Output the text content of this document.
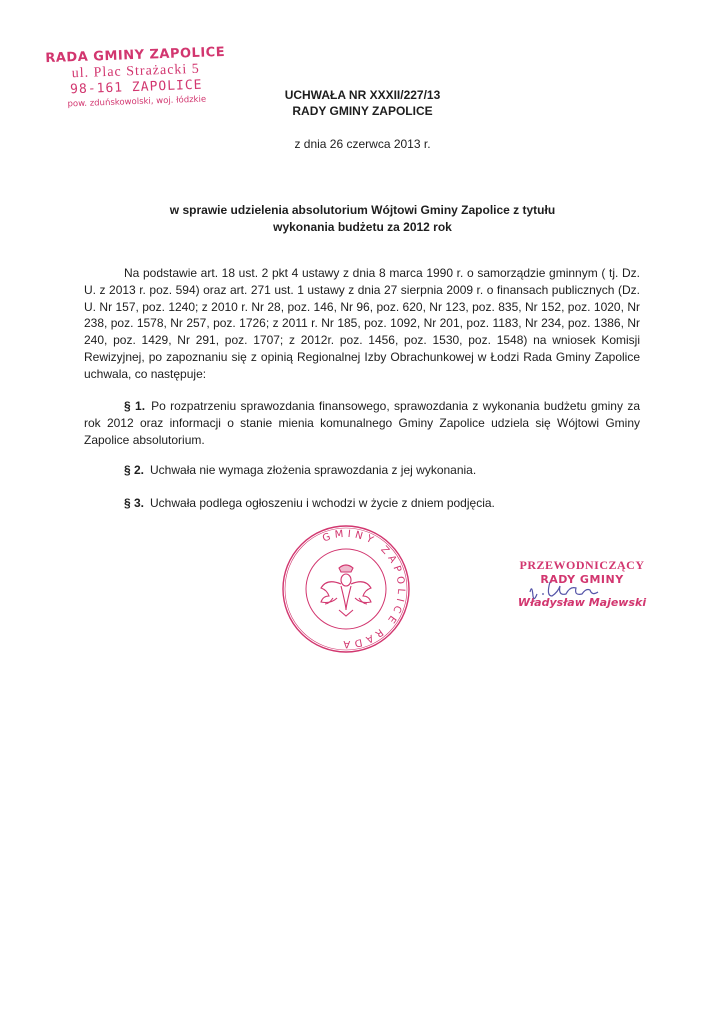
RADA GMINY ZAPOLICE
ul. Plac Strażacki 5
98-161 ZAPOLICE
pow. zduńskowolski, woj. łódzkie	UCHWAŁA NR XXXII/227/13
RADY GMINY ZAPOLICE
z dnia 26 czerwca 2013 r.
w sprawie udzielenia absolutorium Wójtowi Gminy Zapolice z tytułu
wykonania budżetu za 2012 rok
Na podstawie art. 18 ust. 2 pkt 4 ustawy z dnia 8 marca 1990 r. o samorządzie gminnym ( tj. Dz. U. z 2013 r. poz. 594) oraz art. 271 ust. 1 ustawy z dnia 27 sierpnia 2009 r. o finansach publicznych (Dz. U. Nr 157, poz. 1240; z 2010 r. Nr 28, poz. 146, Nr 96, poz. 620, Nr 123, poz. 835, Nr 152, poz. 1020, Nr 238, poz. 1578, Nr 257, poz. 1726; z 2011 r. Nr 185, poz. 1092, Nr 201, poz. 1183, Nr 234, poz. 1386, Nr 240, poz. 1429, Nr 291, poz. 1707; z 2012r. poz. 1456, poz. 1530, poz. 1548) na wniosek Komisji Rewizyjnej, po zapoznaniu się z opinią Regionalnej Izby Obrachunkowej w Łodzi Rada Gminy Zapolice uchwala, co następuje:
§ 1. Po rozpatrzeniu sprawozdania finansowego, sprawozdania z wykonania budżetu gminy za rok 2012 oraz informacji o stanie mienia komunalnego Gminy Zapolice udziela się Wójtowi Gminy Zapolice absolutorium.
§ 2. Uchwała nie wymaga złożenia sprawozdania z jej wykonania.
§ 3. Uchwała podlega ogłoszeniu i wchodzi w życie z dniem podjęcia.
GMINY ZAPOLICE RADA
PRZEWODNICZĄCY
RADY GMINY
Władysław Majewski
